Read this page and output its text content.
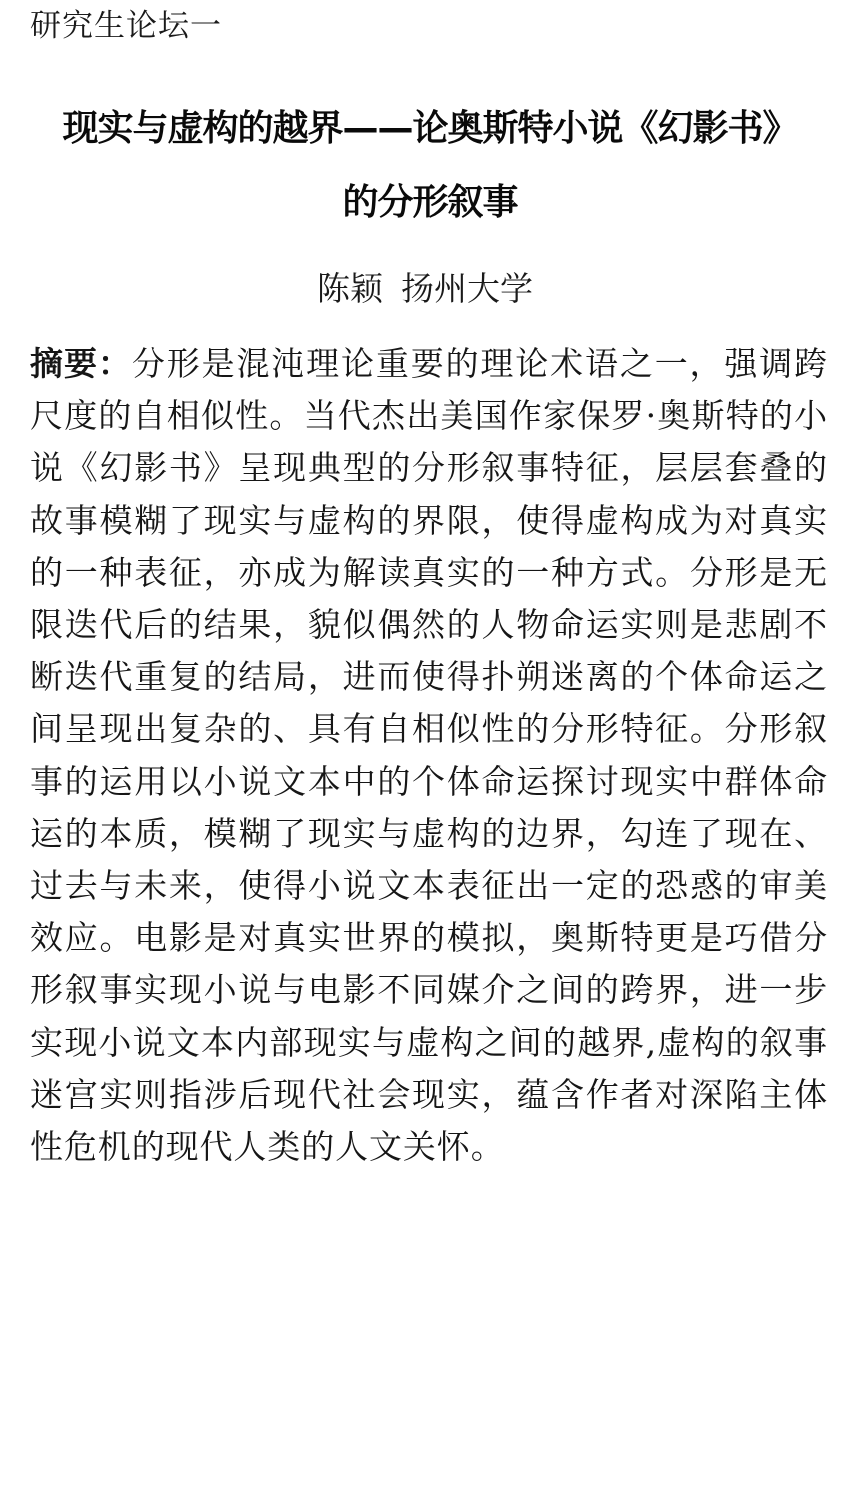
研究生论坛一
现实与虚构的越界——论奥斯特小说《幻影书》
的分形叙事
陈颖 扬州大学
摘要：分形是混沌理论重要的理论术语之一，强调跨尺度的自相似性。当代杰出美国作家保罗·奥斯特的小说《幻影书》呈现典型的分形叙事特征，层层套叠的故事模糊了现实与虚构的界限，使得虚构成为对真实的一种表征，亦成为解读真实的一种方式。分形是无限迭代后的结果，貌似偶然的人物命运实则是悲剧不断迭代重复的结局，进而使得扑朔迷离的个体命运之间呈现出复杂的、具有自相似性的分形特征。分形叙事的运用以小说文本中的个体命运探讨现实中群体命运的本质，模糊了现实与虚构的边界，勾连了现在、过去与未来，使得小说文本表征出一定的恐惑的审美效应。电影是对真实世界的模拟，奥斯特更是巧借分形叙事实现小说与电影不同媒介之间的跨界，进一步实现小说文本内部现实与虚构之间的越界,虚构的叙事迷宫实则指涉后现代社会现实，蕴含作者对深陷主体性危机的现代人类的人文关怀。
